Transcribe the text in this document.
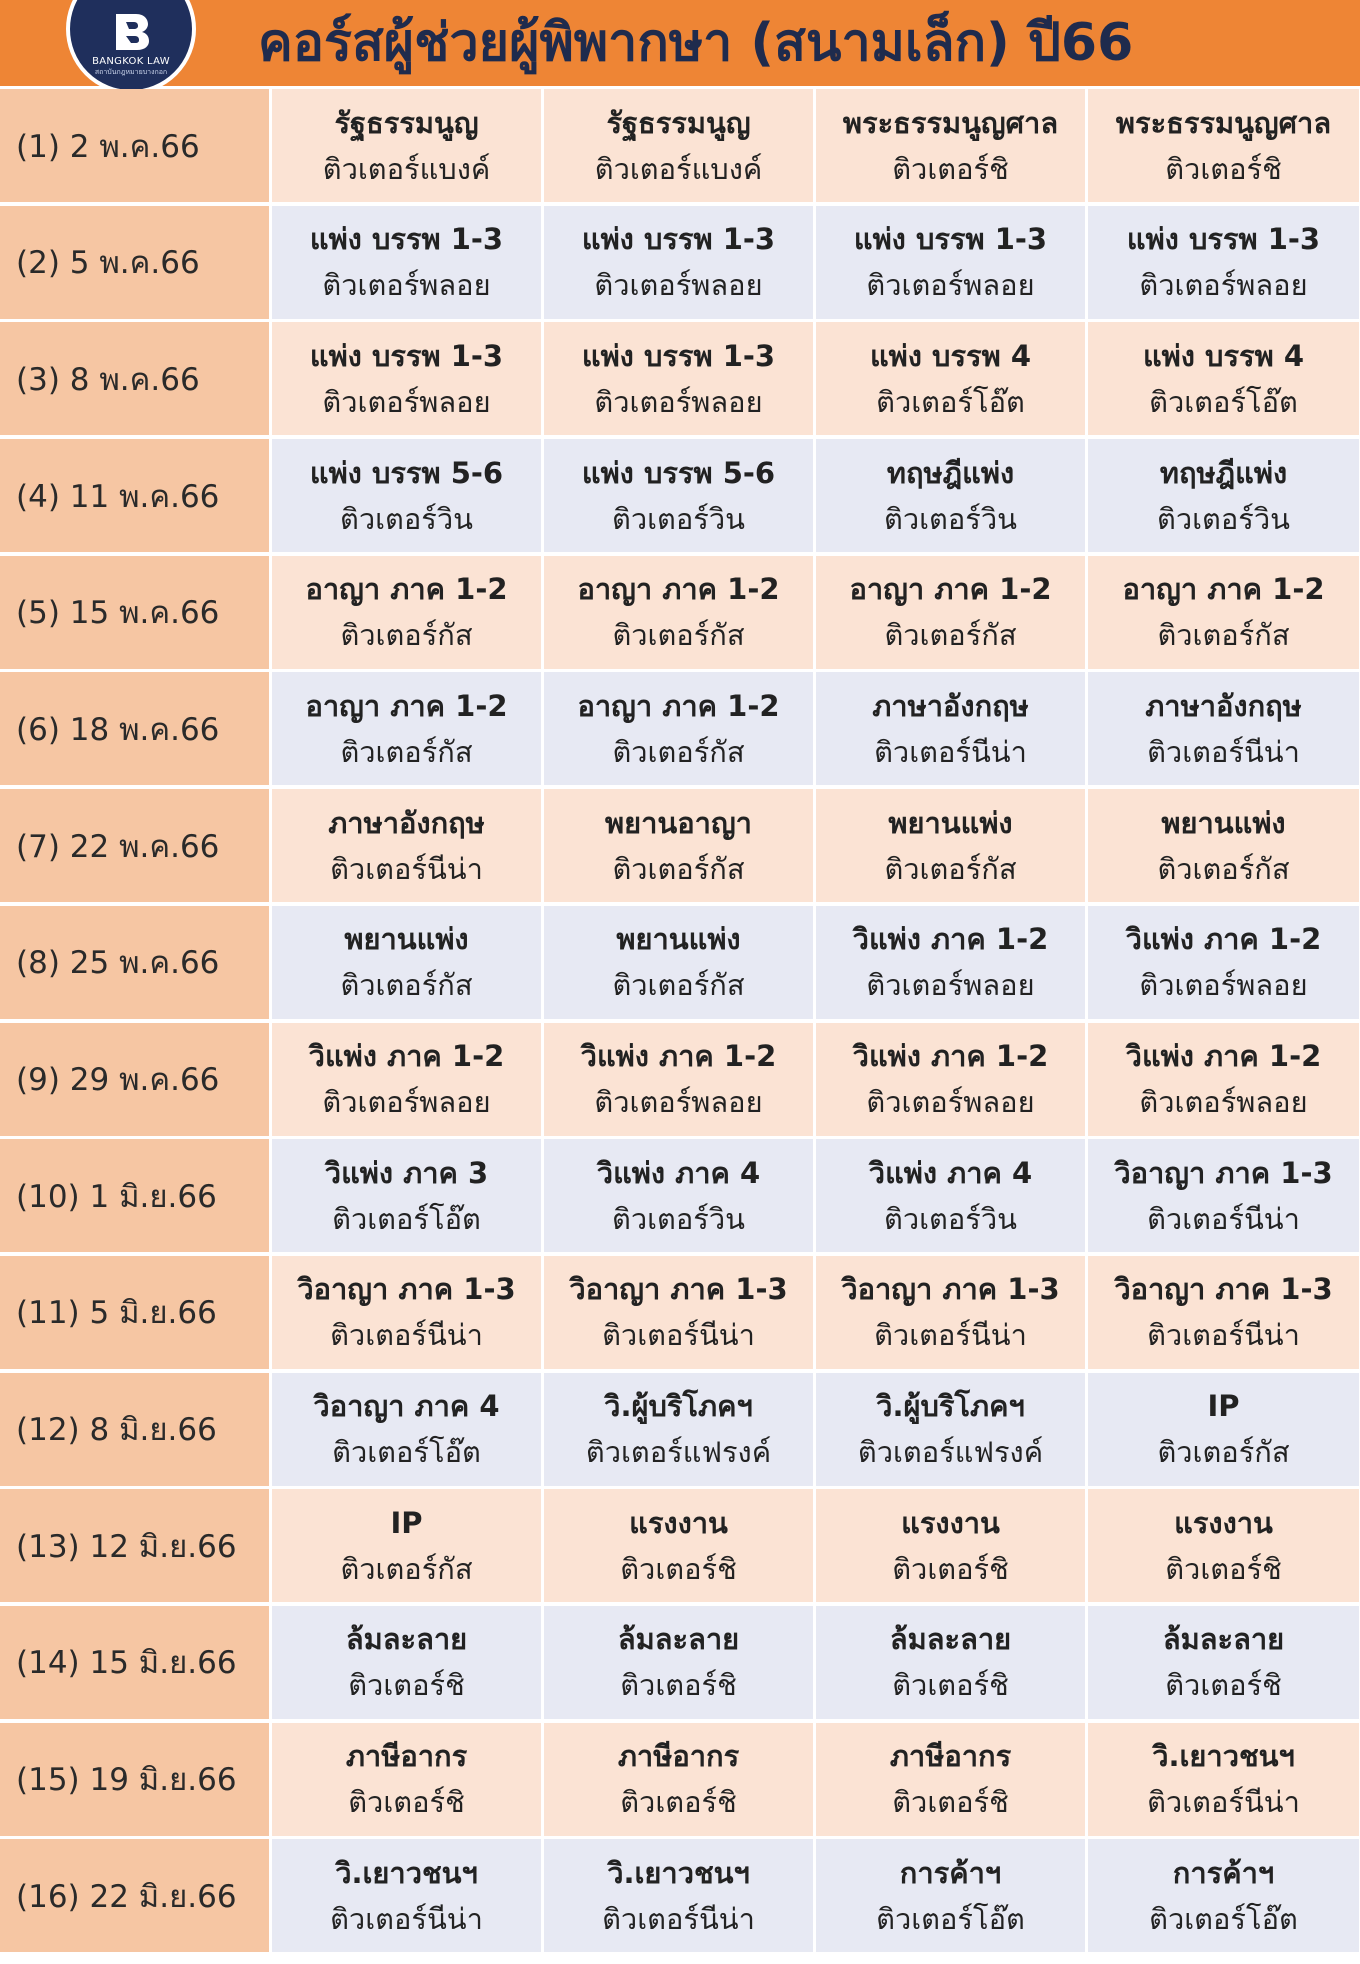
คอร์สผู้ช่วยผู้พิพากษา (สนามเล็ก) ปี66
BANGKOK LAW
สถาบันกฎหมายบางกอก
(1) 2 พ.ค.66
รัฐธรรมนูญ
ติวเตอร์แบงค์
รัฐธรรมนูญ
ติวเตอร์แบงค์
พระธรรมนูญศาล
ติวเตอร์ชิ
พระธรรมนูญศาล
ติวเตอร์ชิ
(2) 5 พ.ค.66
แพ่ง บรรพ 1-3
ติวเตอร์พลอย
แพ่ง บรรพ 1-3
ติวเตอร์พลอย
แพ่ง บรรพ 1-3
ติวเตอร์พลอย
แพ่ง บรรพ 1-3
ติวเตอร์พลอย
(3) 8 พ.ค.66
แพ่ง บรรพ 1-3
ติวเตอร์พลอย
แพ่ง บรรพ 1-3
ติวเตอร์พลอย
แพ่ง บรรพ 4
ติวเตอร์โอ๊ต
แพ่ง บรรพ 4
ติวเตอร์โอ๊ต
(4) 11 พ.ค.66
แพ่ง บรรพ 5-6
ติวเตอร์วิน
แพ่ง บรรพ 5-6
ติวเตอร์วิน
ทฤษฎีแพ่ง
ติวเตอร์วิน
ทฤษฎีแพ่ง
ติวเตอร์วิน
(5) 15 พ.ค.66
อาญา ภาค 1-2
ติวเตอร์กัส
อาญา ภาค 1-2
ติวเตอร์กัส
อาญา ภาค 1-2
ติวเตอร์กัส
อาญา ภาค 1-2
ติวเตอร์กัส
(6) 18 พ.ค.66
อาญา ภาค 1-2
ติวเตอร์กัส
อาญา ภาค 1-2
ติวเตอร์กัส
ภาษาอังกฤษ
ติวเตอร์นีน่า
ภาษาอังกฤษ
ติวเตอร์นีน่า
(7) 22 พ.ค.66
ภาษาอังกฤษ
ติวเตอร์นีน่า
พยานอาญา
ติวเตอร์กัส
พยานแพ่ง
ติวเตอร์กัส
พยานแพ่ง
ติวเตอร์กัส
(8) 25 พ.ค.66
พยานแพ่ง
ติวเตอร์กัส
พยานแพ่ง
ติวเตอร์กัส
วิแพ่ง ภาค 1-2
ติวเตอร์พลอย
วิแพ่ง ภาค 1-2
ติวเตอร์พลอย
(9) 29 พ.ค.66
วิแพ่ง ภาค 1-2
ติวเตอร์พลอย
วิแพ่ง ภาค 1-2
ติวเตอร์พลอย
วิแพ่ง ภาค 1-2
ติวเตอร์พลอย
วิแพ่ง ภาค 1-2
ติวเตอร์พลอย
(10) 1 มิ.ย.66
วิแพ่ง ภาค 3
ติวเตอร์โอ๊ต
วิแพ่ง ภาค 4
ติวเตอร์วิน
วิแพ่ง ภาค 4
ติวเตอร์วิน
วิอาญา ภาค 1-3
ติวเตอร์นีน่า
(11) 5 มิ.ย.66
วิอาญา ภาค 1-3
ติวเตอร์นีน่า
วิอาญา ภาค 1-3
ติวเตอร์นีน่า
วิอาญา ภาค 1-3
ติวเตอร์นีน่า
วิอาญา ภาค 1-3
ติวเตอร์นีน่า
(12) 8 มิ.ย.66
วิอาญา ภาค 4
ติวเตอร์โอ๊ต
วิ.ผู้บริโภคฯ
ติวเตอร์แฟรงค์
วิ.ผู้บริโภคฯ
ติวเตอร์แฟรงค์
IP
ติวเตอร์กัส
(13) 12 มิ.ย.66
IP
ติวเตอร์กัส
แรงงาน
ติวเตอร์ชิ
แรงงาน
ติวเตอร์ชิ
แรงงาน
ติวเตอร์ชิ
(14) 15 มิ.ย.66
ล้มละลาย
ติวเตอร์ชิ
ล้มละลาย
ติวเตอร์ชิ
ล้มละลาย
ติวเตอร์ชิ
ล้มละลาย
ติวเตอร์ชิ
(15) 19 มิ.ย.66
ภาษีอากร
ติวเตอร์ชิ
ภาษีอากร
ติวเตอร์ชิ
ภาษีอากร
ติวเตอร์ชิ
วิ.เยาวชนฯ
ติวเตอร์นีน่า
(16) 22 มิ.ย.66
วิ.เยาวชนฯ
ติวเตอร์นีน่า
วิ.เยาวชนฯ
ติวเตอร์นีน่า
การค้าฯ
ติวเตอร์โอ๊ต
การค้าฯ
ติวเตอร์โอ๊ต
